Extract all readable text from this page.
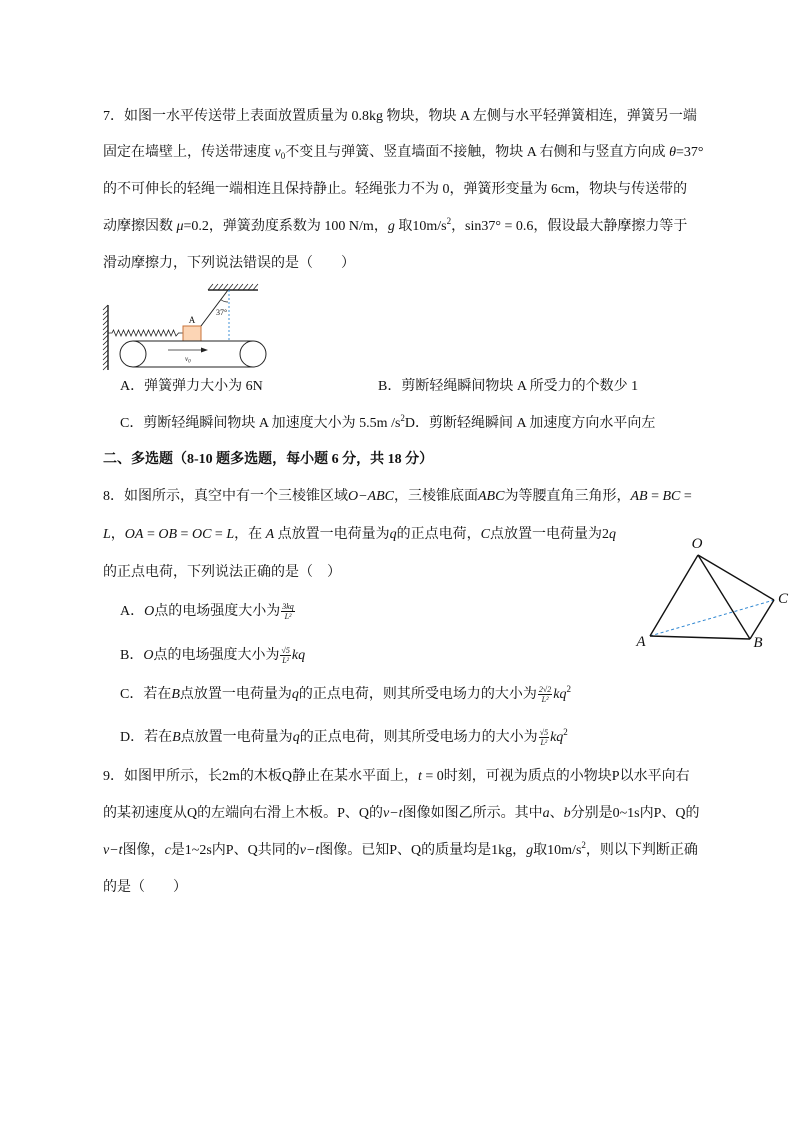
7．如图一水平传送带上表面放置质量为 0.8kg 物块，物块 A 左侧与水平轻弹簧相连，弹簧另一端
固定在墙壁上，传送带速度 $v_0$不变且与弹簧、竖直墙面不接触，物块 A 右侧和与竖直方向成 θ=37°
的不可伸长的轻绳一端相连且保持静止。轻绳张力不为 0，弹簧形变量为 6cm，物块与传送带的
动摩擦因数 μ=0.2，弹簧劲度系数为 100 N/m，g 取$10m/s^2$，sin37° = 0.6，假设最大静摩擦力等于
滑动摩擦力，下列说法错误的是（　　）
A
37°
$v_0$
A．弹簧弹力大小为 6N	B．剪断轻绳瞬间物块 A 所受力的个数少 1
C．剪断轻绳瞬间物块 A 加速度大小为 5.5m $/s^2D$．剪断轻绳瞬间 A 加速度方向水平向左
二、多选题（8-10 题多选题，每小题 6 分，共 18 分）
8．如图所示，真空中有一个三棱锥区域O−ABC，三棱锥底面ABC为等腰直角三角形，AB = BC =
L，OA = OB = OC = L，在 A 点放置一电荷量为q的正点电荷，C点放置一电荷量为2q
的正点电荷，下列说法正确的是（　）
A．O点的电场强度大小为 $\frac{3kq}{\text{L²}}$
B．O点的电场强度大小为 $\frac{√5}{\text{L²}}$ kq
C．若在B点放置一电荷量为q的正点电荷，则其所受电场力的大小为 $\frac{2√2}{\text{L²}} kq^2$
D．若在B点放置一电荷量为q的正点电荷，则其所受电场力的大小为 $\frac{√5}{\text{L²}} kq^2$
O
A	B
C
9．如图甲所示，长2m的木板Q静止在某水平面上，t = 0时刻，可视为质点的小物块P以水平向右
的某初速度从Q的左端向右滑上木板。P、Q的v−t图像如图乙所示。其中a、b分别是0~1s内P、Q的
v−t图像，c是1~2s内P、Q共同的v−t图像。已知P、Q的质量均是1kg，g取$10m/s^2$，则以下判断正确
的是（　　）
